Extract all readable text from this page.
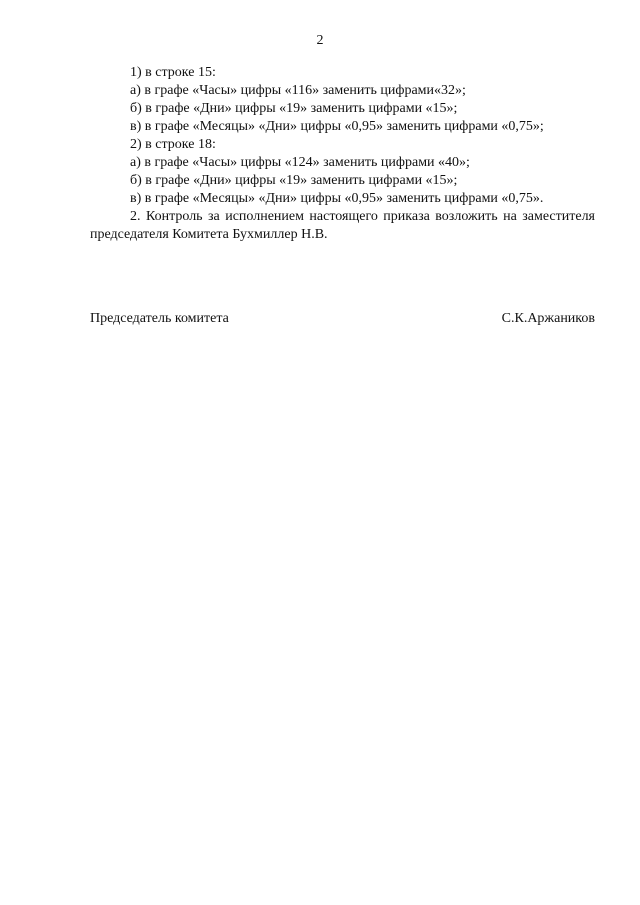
2
1) в строке 15:
а) в графе «Часы» цифры «116» заменить цифрами«32»;
б) в графе «Дни» цифры «19» заменить цифрами «15»;
в) в графе «Месяцы» «Дни» цифры «0,95» заменить цифрами «0,75»;
2) в строке 18:
а) в графе «Часы» цифры «124» заменить цифрами «40»;
б) в графе «Дни» цифры «19» заменить цифрами «15»;
в) в графе «Месяцы» «Дни» цифры «0,95» заменить цифрами «0,75».

2. Контроль за исполнением настоящего приказа возложить на заместителя председателя Комитета Бухмиллер Н.В.

Председатель комитета	С.К.Аржаников
